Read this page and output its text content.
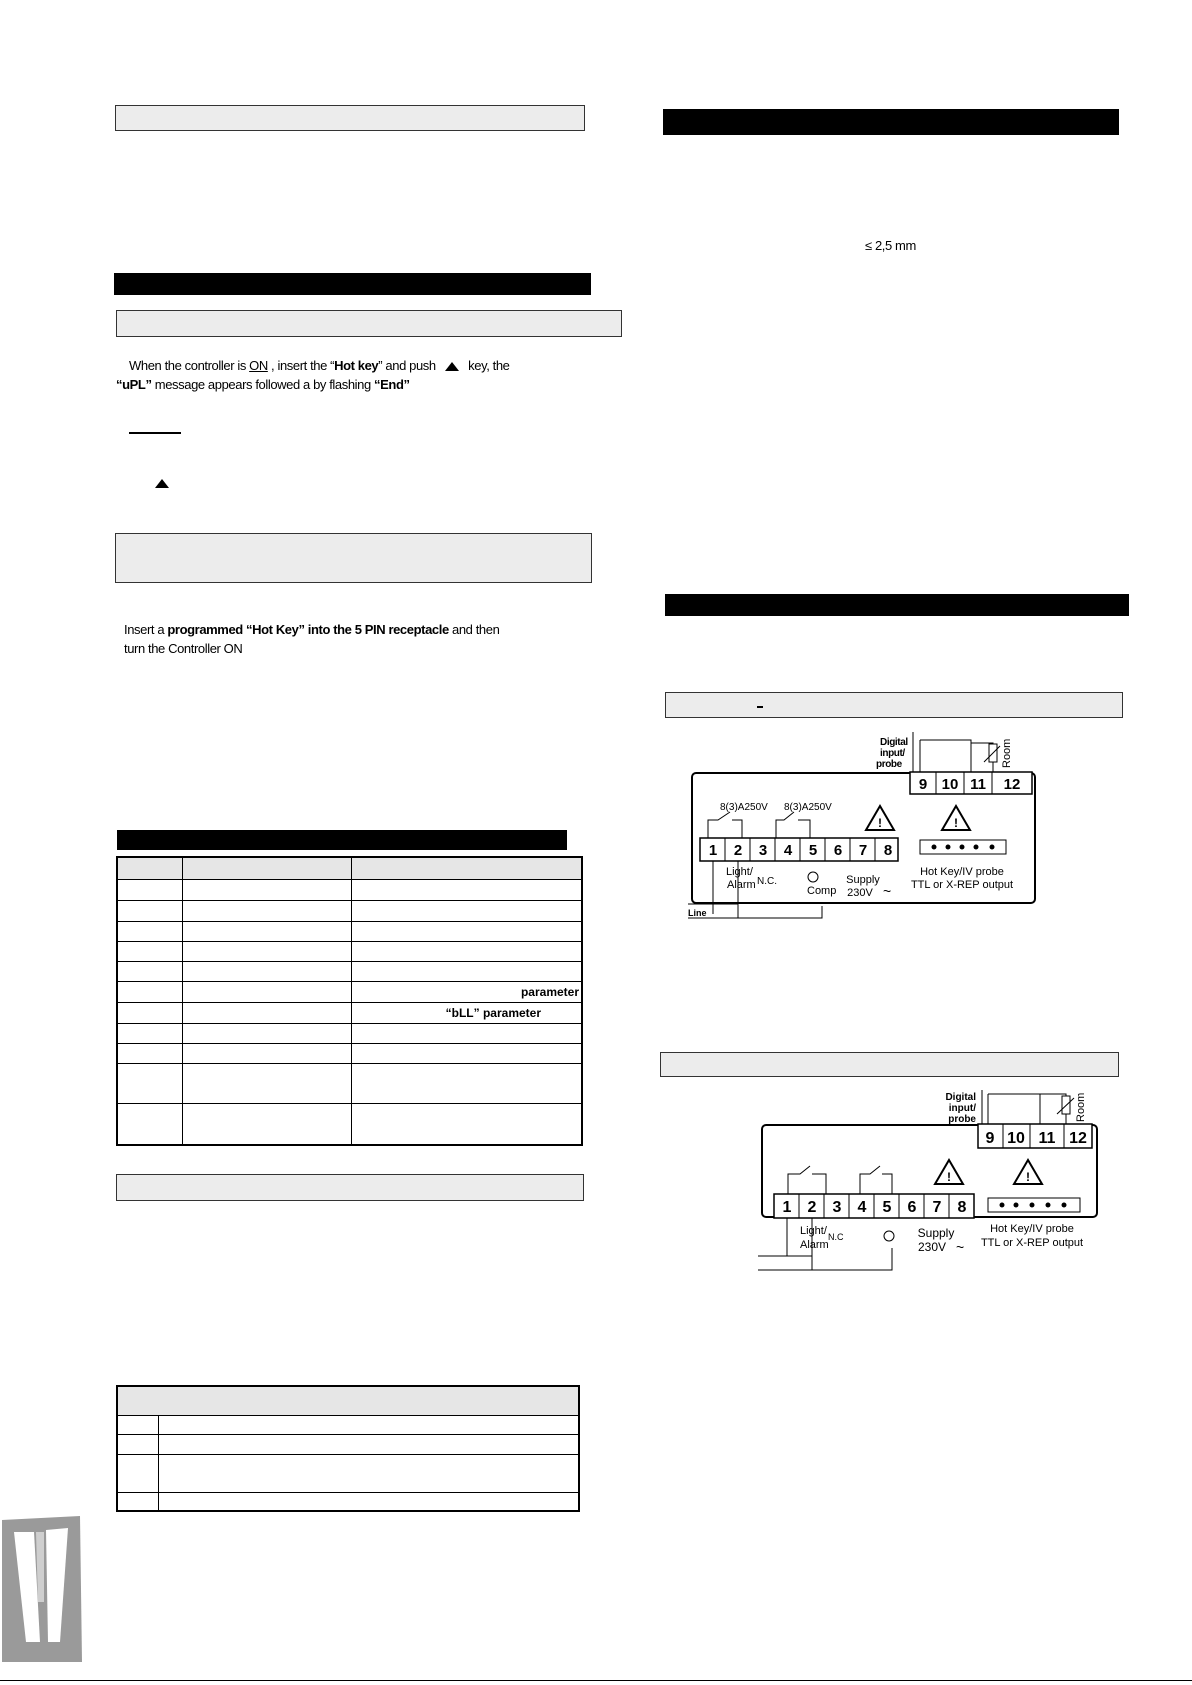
When the controller is ON , insert the “Hot key” and push key, the
“uPL” message appears followed a by flashing “End”
Insert a programmed “Hot Key” into the 5 PIN receptacle and then
turn the Controller ON

		parameter
		“bLL” parameter

≤ 2,5 mm
Digital
input/
probe	Room
9 10 11 12
8(3)A250V 8(3)A250V
1 2 3 4 5 6 7 8
!	!
Light/
Alarm N.C.
Comp
Supply
230V ~
Hot Key/IV probe
TTL or X-REP output
Line
Digital
input/
probe	Room
9 10 11 12
1 2 3 4 5 6 7 8
!	!
Light/
Alarm
N.C	Supply
230V ~
Hot Key/IV probe
TTL or X-REP output
